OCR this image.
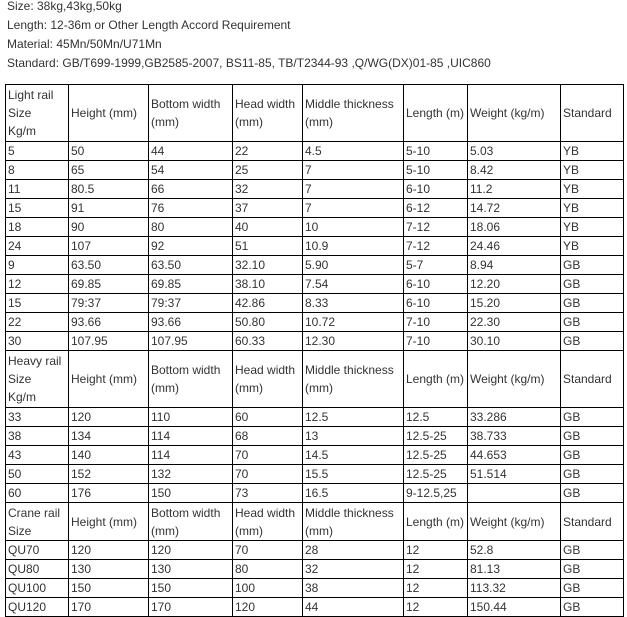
Size: 38kg,43kg,50kg

Length: 12-36m or Other Length Accord Requirement

Material: 45Mn/50Mn/U71Mn

Standard: GB/T699-1999,GB2585-2007, BS11-85, TB/T2344-93 ,Q/WG(DX)01-85 ,UIC860

Light rail
Size
Kg/m	Height (mm)	Bottom width (mm)	Head width (mm)	Middle thickness (mm)	Length (m)	Weight (kg/m)	Standard
5	50	44	22	4.5	5-10	5.03	YB
8	65	54	25	7	5-10	8.42	YB
11	80.5	66	32	7	6-10	11.2	YB
15	91	76	37	7	6-12	14.72	YB
18	90	80	40	10	7-12	18.06	YB
24	107	92	51	10.9	7-12	24.46	YB
9	63.50	63.50	32.10	5.90	5-7	8.94	GB
12	69.85	69.85	38.10	7.54	6-10	12.20	GB
15	79:37	79:37	42.86	8.33	6-10	15.20	GB
22	93.66	93.66	50.80	10.72	7-10	22.30	GB
30	107.95	107.95	60.33	12.30	7-10	30.10	GB

Heavy rail
Size
Kg/m	Height (mm)	Bottom width (mm)	Head width (mm)	Middle thickness (mm)	Length (m)	Weight (kg/m)	Standard
33	120	110	60	12.5	12.5	33.286	GB
38	134	114	68	13	12.5-25	38.733	GB
43	140	114	70	14.5	12.5-25	44.653	GB
50	152	132	70	15.5	12.5-25	51.514	GB
60	176	150	73	16.5	9-12.5,25		GB

Crane rail
Size	Height (mm)	Bottom width (mm)	Head width (mm)	Middle thickness (mm)	Length (m)	Weight (kg/m)	Standard
QU70	120	120	70	28	12	52.8	GB
QU80	130	130	80	32	12	81.13	GB
QU100	150	150	100	38	12	113.32	GB
QU120	170	170	120	44	12	150.44	GB
